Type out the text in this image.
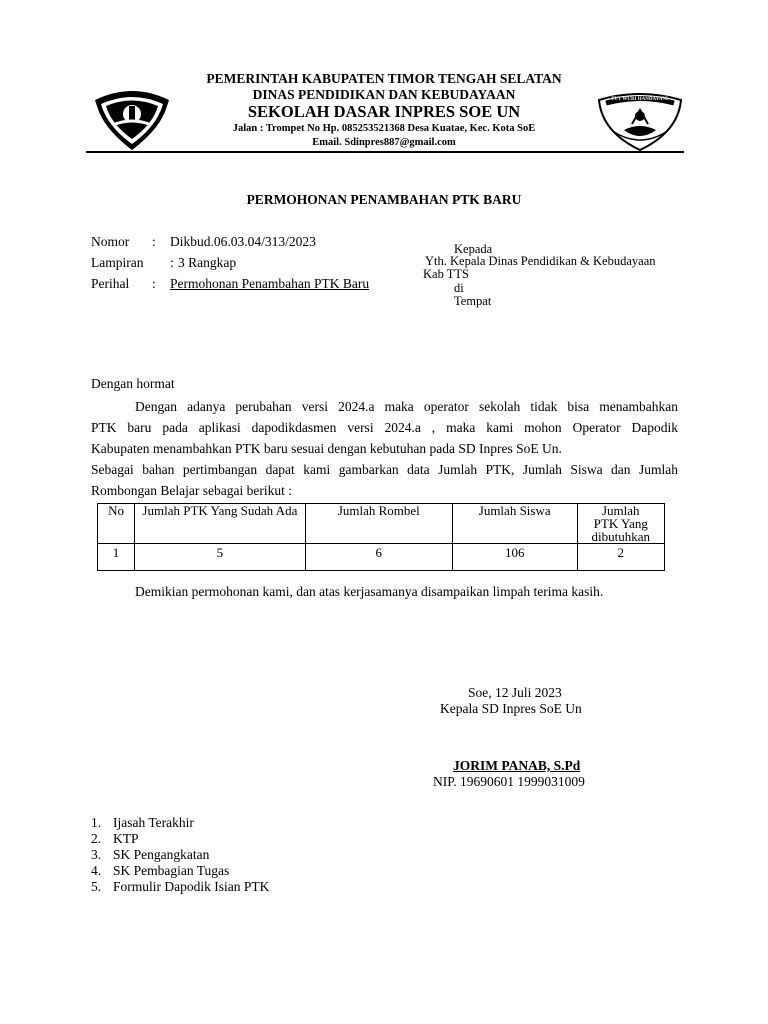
TUT WURI HANDAYANI
PEMERINTAH KABUPATEN TIMOR TENGAH SELATAN
DINAS PENDIDIKAN DAN KEBUDAYAAN
SEKOLAH DASAR INPRES SOE UN
Jalan : Trompet No Hp. 085253521368 Desa Kuatae, Kec. Kota SoE
Email. Sdinpres887@gmail.com
PERMOHONAN PENAMBAHAN PTK BARU
Nomor : Dikbud.06.03.04/313/2023
Lampiran : 3 Rangkap
Perihal : Permohonan Penambahan PTK Baru
Kepada
Yth. Kepala Dinas Pendidikan & Kebudayaan
Kab TTS
di
Tempat
Dengan hormat
Dengan adanya perubahan versi 2024.a maka operator sekolah tidak bisa menambahkan
PTK baru pada aplikasi dapodikdasmen versi 2024.a , maka kami mohon Operator Dapodik
Kabupaten menambahkan PTK baru sesuai dengan kebutuhan pada SD Inpres SoE Un.
Sebagai bahan pertimbangan dapat kami gambarkan data Jumlah PTK, Jumlah Siswa dan Jumlah
Rombongan Belajar sebagai berikut :
No	Jumlah PTK Yang Sudah Ada	Jumlah Rombel	Jumlah Siswa	Jumlah PTK Yang dibutuhkan
1	5	6	106	2
Demikian permohonan kami, dan atas kerjasamanya disampaikan limpah terima kasih.
Soe, 12 Juli 2023
Kepala SD Inpres SoE Un
JORIM PANAB, S.Pd
NIP. 19690601 1999031009
1. Ijasah Terakhir
2. KTP
3. SK Pengangkatan
4. SK Pembagian Tugas
5. Formulir Dapodik Isian PTK
